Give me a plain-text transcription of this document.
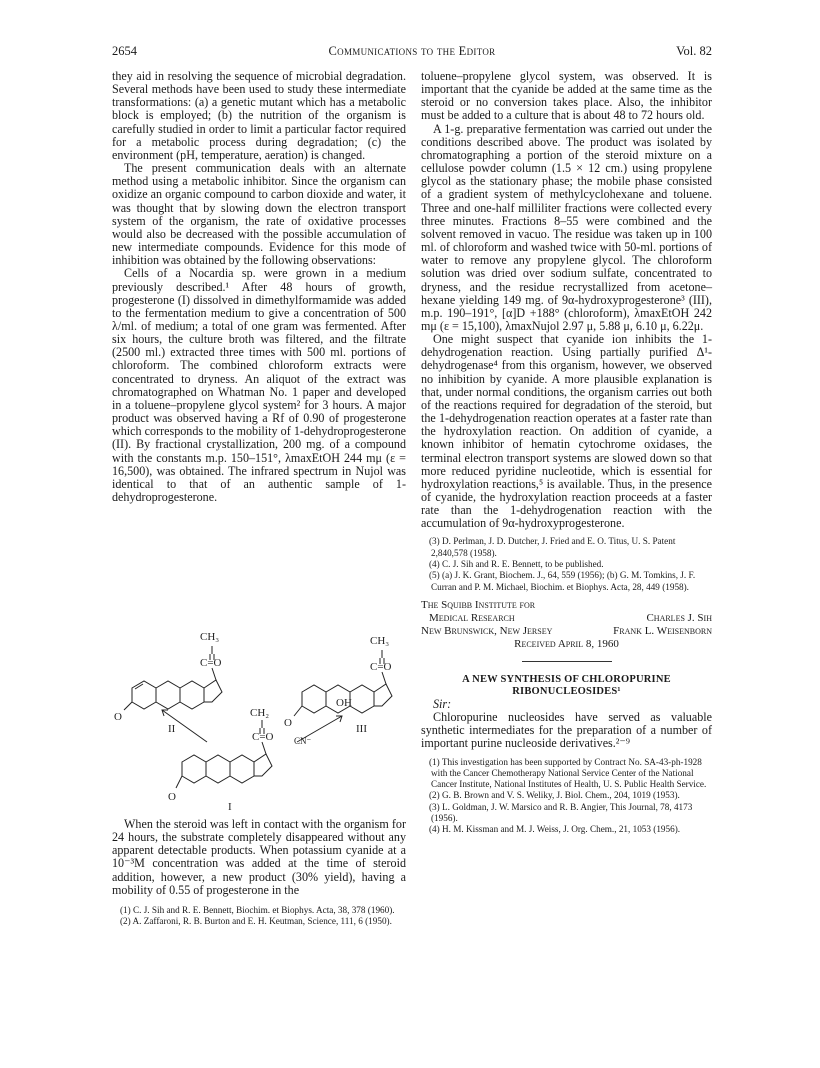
2654	Communications to the Editor	Vol. 82

they aid in resolving the sequence of microbial degradation. Several methods have been used to study these intermediate transformations: (a) a genetic mutant which has a metabolic block is employed; (b) the nutrition of the organism is carefully studied in order to limit a particular factor required for a metabolic process during degradation; (c) the environment (pH, temperature, aeration) is changed.

The present communication deals with an alternate method using a metabolic inhibitor. Since the organism can oxidize an organic compound to carbon dioxide and water, it was thought that by slowing down the electron transport system of the organism, the rate of oxidative processes would also be decreased with the possible accumulation of new intermediate compounds. Evidence for this mode of inhibition was obtained by the following observations:

Cells of a Nocardia sp. were grown in a medium previously described.¹ After 48 hours of growth, progesterone (I) dissolved in dimethylformamide was added to the fermentation medium to give a concentration of 500 λ/ml. of medium; a total of one gram was fermented. After six hours, the culture broth was filtered, and the filtrate (2500 ml.) extracted three times with 500 ml. portions of chloroform. The combined chloroform extracts were concentrated to dryness. An aliquot of the extract was chromatographed on Whatman No. 1 paper and developed in a toluene–propylene glycol system² for 3 hours. A major product was observed having a Rf of 0.90 of progesterone which corresponds to the mobility of 1-dehydroprogesterone (II). By fractional crystallization, 200 mg. of a compound with the constants m.p. 150–151°, λmaxEtOH 244 mμ (ε = 16,500), was obtained. The infrared spectrum in Nujol was identical to that of an authentic sample of 1-dehydroprogesterone.

CH₃
C=O
CH₃
C=O
CH₂
C=O
OH
O	O
O
II	III
I
CN⁻

When the steroid was left in contact with the organism for 24 hours, the substrate completely disappeared without any apparent detectable products. When potassium cyanide at a 10⁻³M concentration was added at the time of steroid addition, however, a new product (30% yield), having a mobility of 0.55 of progesterone in the

(1) C. J. Sih and R. E. Bennett, Biochim. et Biophys. Acta, 38, 378 (1960).

(2) A. Zaffaroni, R. B. Burton and E. H. Keutman, Science, 111, 6 (1950).

toluene–propylene glycol system, was observed. It is important that the cyanide be added at the same time as the steroid or no conversion takes place. Also, the inhibitor must be added to a culture that is about 48 to 72 hours old.

A 1-g. preparative fermentation was carried out under the conditions described above. The product was isolated by chromatographing a portion of the steroid mixture on a cellulose powder column (1.5 × 12 cm.) using propylene glycol as the stationary phase; the mobile phase consisted of a gradient system of methylcyclohexane and toluene. Three and one-half milliliter fractions were collected every three minutes. Fractions 8–55 were combined and the solvent removed in vacuo. The residue was taken up in 100 ml. of chloroform and washed twice with 50-ml. portions of water to remove any propylene glycol. The chloroform solution was dried over sodium sulfate, concentrated to dryness, and the residue recrystallized from acetone–hexane yielding 149 mg. of 9α-hydroxyprogesterone³ (III), m.p. 190–191°, [α]D +188° (chloroform), λmaxEtOH 242 mμ (ε = 15,100), λmaxNujol 2.97 μ, 5.88 μ, 6.10 μ, 6.22μ.

One might suspect that cyanide ion inhibits the 1-dehydrogenation reaction. Using partially purified Δ¹-dehydrogenase⁴ from this organism, however, we observed no inhibition by cyanide. A more plausible explanation is that, under normal conditions, the organism carries out both of the reactions required for degradation of the steroid, but the 1-dehydrogenation reaction operates at a faster rate than the hydroxylation reaction. On addition of cyanide, a known inhibitor of hematin cytochrome oxidases, the terminal electron transport systems are slowed down so that more reduced pyridine nucleotide, which is essential for hydroxylation reactions,⁵ is available. Thus, in the presence of cyanide, the hydroxylation reaction proceeds at a faster rate than the 1-dehydrogenation reaction with the accumulation of 9α-hydroxyprogesterone.

(3) D. Perlman, J. D. Dutcher, J. Fried and E. O. Titus, U. S. Patent 2,840,578 (1958).

(4) C. J. Sih and R. E. Bennett, to be published.

(5) (a) J. K. Grant, Biochem. J., 64, 559 (1956); (b) G. M. Tomkins, J. F. Curran and P. M. Michael, Biochim. et Biophys. Acta, 28, 449 (1958).

The Squibb Institute for
Medical Research	Charles J. Sih
New Brunswick, New Jersey	Frank L. Weisenborn
Received April 8, 1960
A NEW SYNTHESIS OF CHLOROPURINE RIBONUCLEOSIDES¹

Sir:

Chloropurine nucleosides have served as valuable synthetic intermediates for the preparation of a number of important purine nucleoside derivatives.²⁻⁹

(1) This investigation has been supported by Contract No. SA-43-ph-1928 with the Cancer Chemotherapy National Service Center of the National Cancer Institute, National Institutes of Health, U. S. Public Health Service.

(2) G. B. Brown and V. S. Weliky, J. Biol. Chem., 204, 1019 (1953).

(3) L. Goldman, J. W. Marsico and R. B. Angier, This Journal, 78, 4173 (1956).

(4) H. M. Kissman and M. J. Weiss, J. Org. Chem., 21, 1053 (1956).
